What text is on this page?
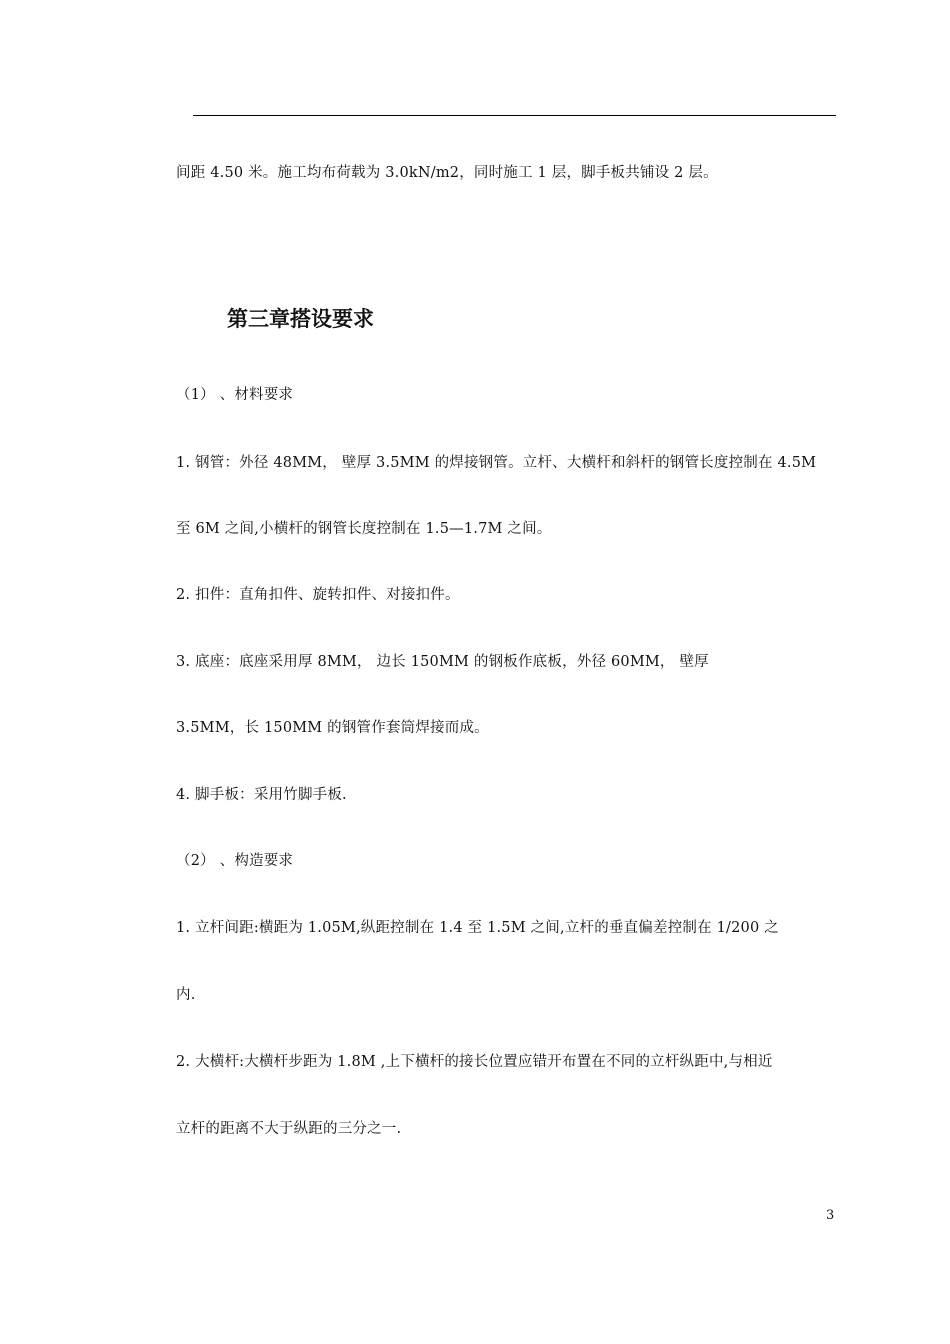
间距 4.50 米。施工均布荷载为 3.0kN/m2，同时施工 1 层，脚手板共铺设 2 层。
第三章搭设要求
（1） 、材料要求
1. 钢管：外径 48MM， 壁厚 3.5MM 的焊接钢管。立杆、大横杆和斜杆的钢管长度控制在 4.5M
至 6M 之间,小横杆的钢管长度控制在 1.5—1.7M 之间。
2. 扣件：直角扣件、旋转扣件、对接扣件。
3. 底座：底座采用厚 8MM， 边长 150MM 的钢板作底板，外径 60MM， 壁厚
3.5MM，长 150MM 的钢管作套筒焊接而成。
4. 脚手板：采用竹脚手板.
（2） 、构造要求
1. 立杆间距:横距为 1.05M,纵距控制在 1.4 至 1.5M 之间,立杆的垂直偏差控制在 1/200 之
内.
2. 大横杆:大横杆步距为 1.8M ,上下横杆的接长位置应错开布置在不同的立杆纵距中,与相近
立杆的距离不大于纵距的三分之一.
3
